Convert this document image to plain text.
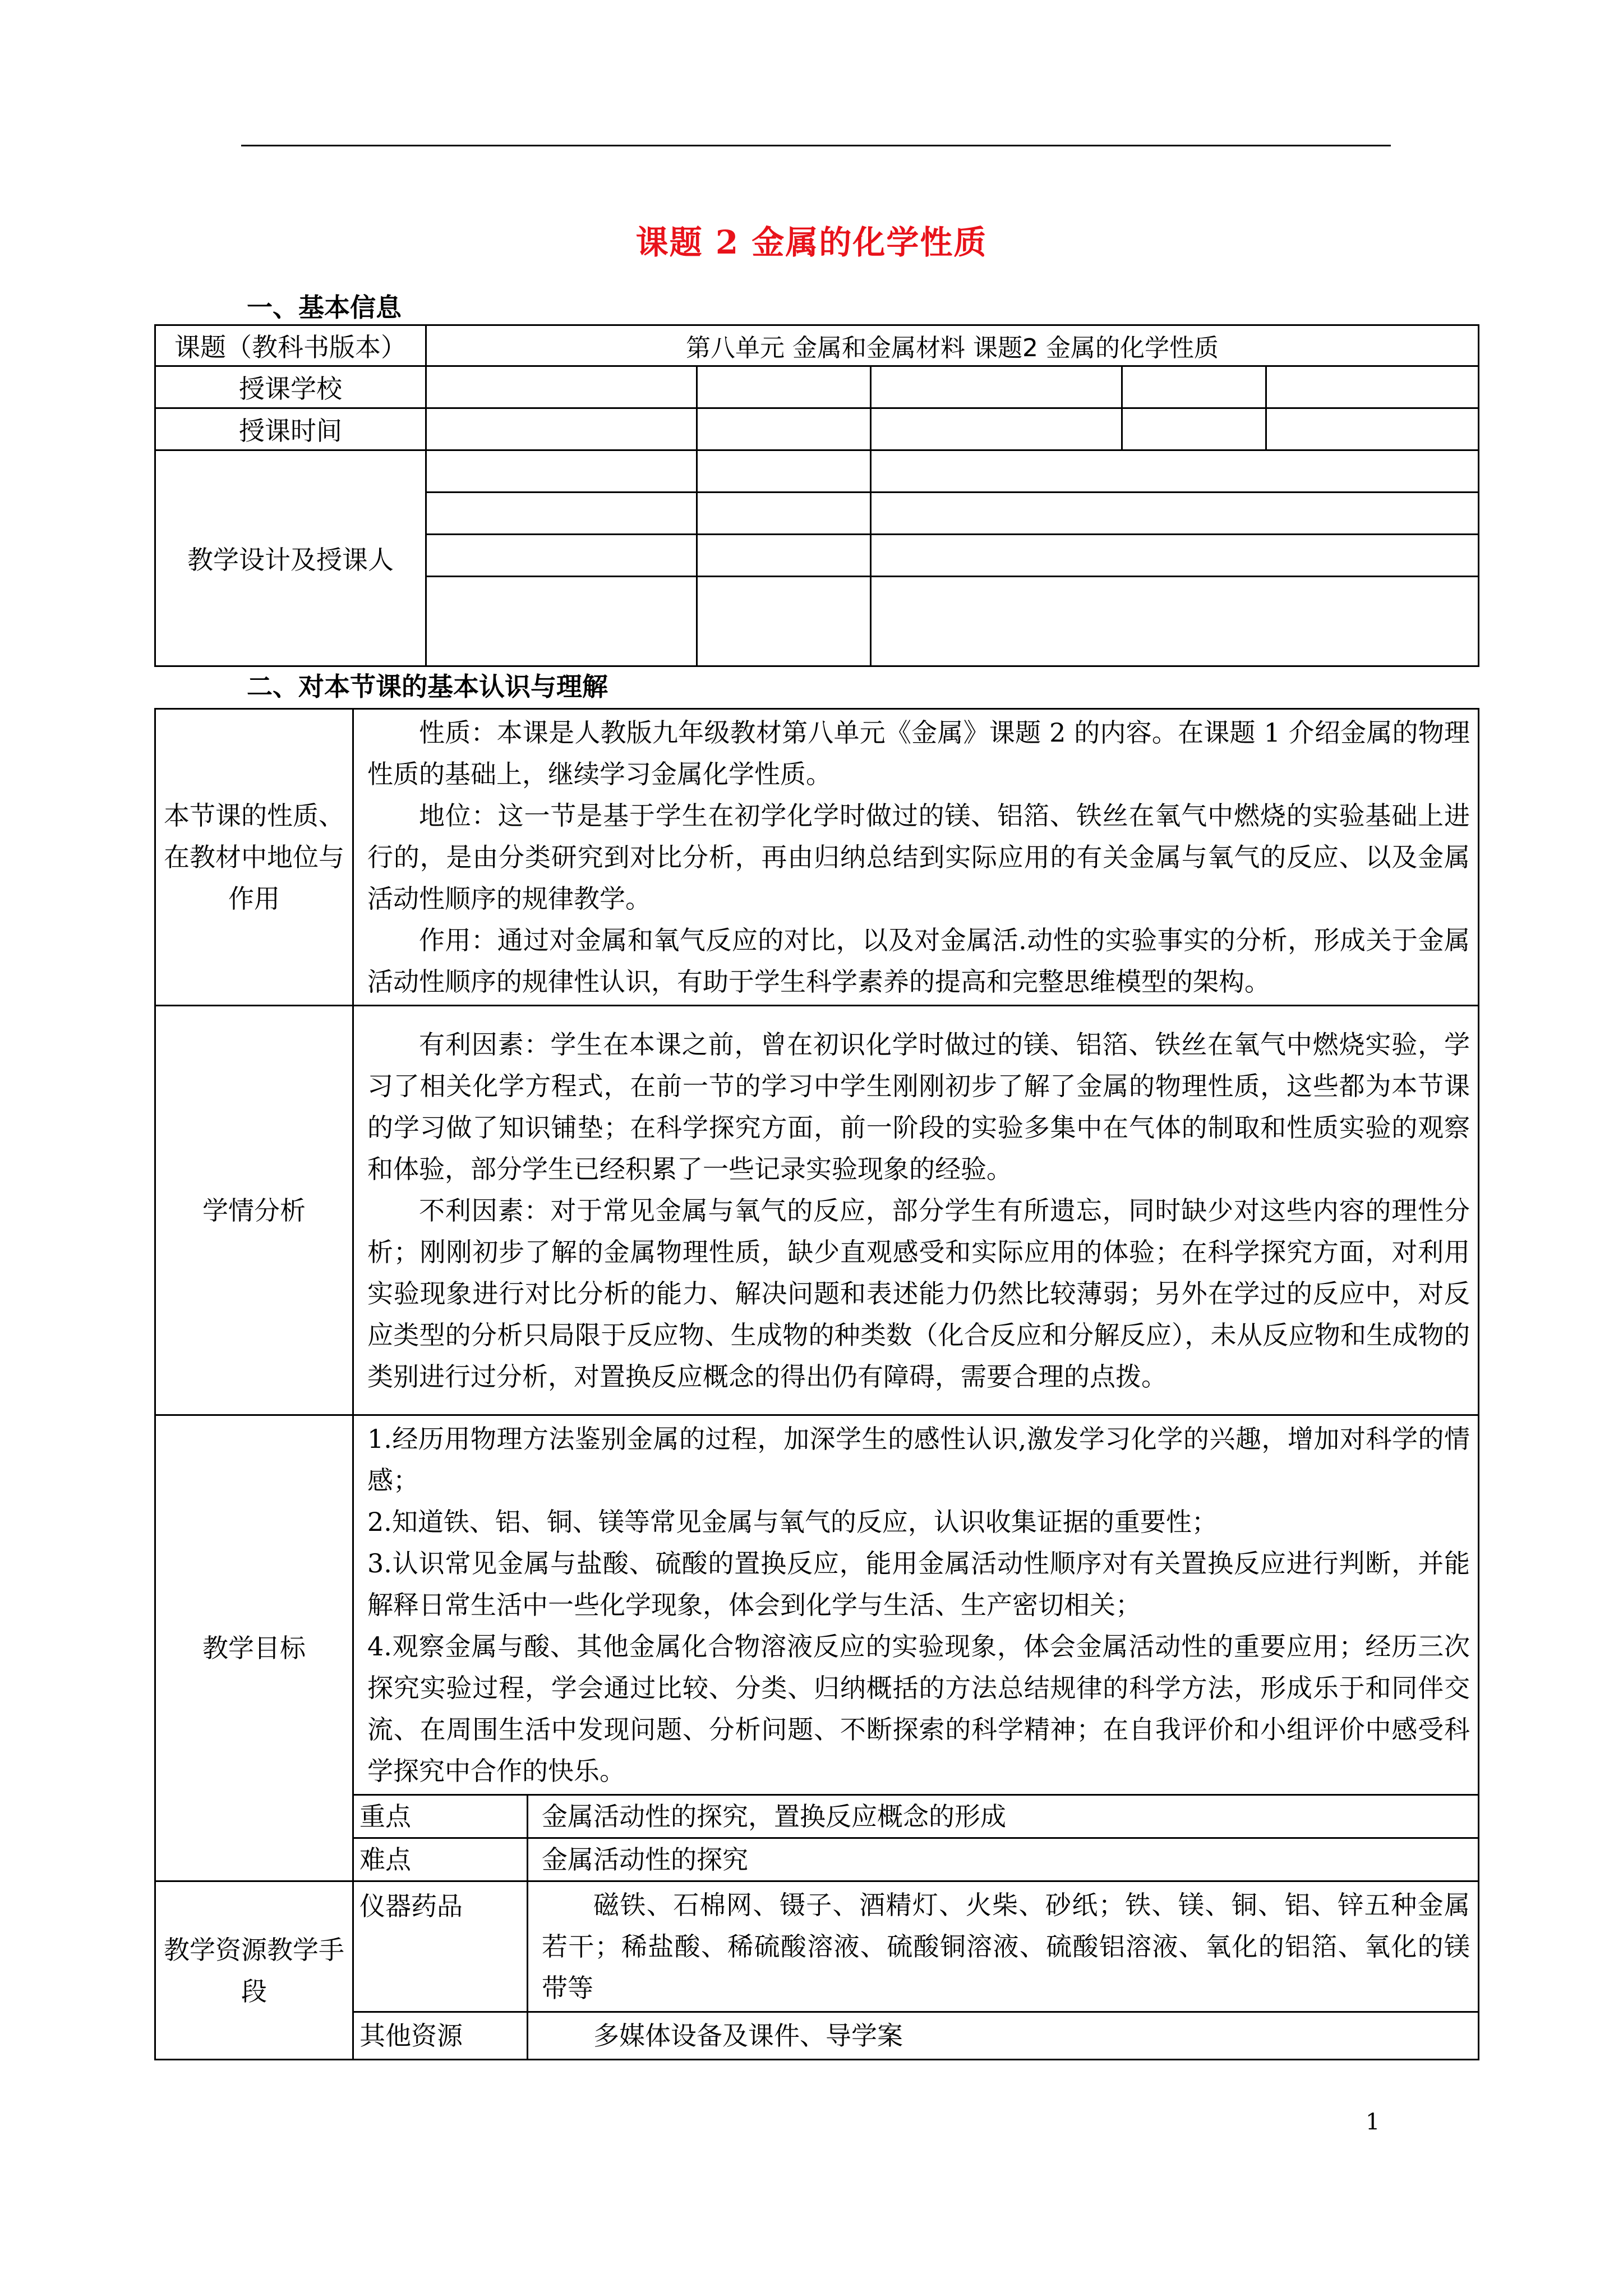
课题 2 金属的化学性质
一、基本信息
课题（教科书版本）	第八单元 金属和金属材料 课题2 金属的化学性质				
授课学校					
授课时间					
教学设计及授课人					

二、对本节课的基本认识与理解
本节课的性质、在教材中地位与作用	性质：本课是人教版九年级教材第八单元《金属》课题 2 的内容。在课题 1 介绍金属的物理性质的基础上，继续学习金属化学性质。

地位：这一节是基于学生在初学化学时做过的镁、铝箔、铁丝在氧气中燃烧的实验基础上进行的，是由分类研究到对比分析，再由归纳总结到实际应用的有关金属与氧气的反应、以及金属活动性顺序的规律教学。

作用：通过对金属和氧气反应的对比，以及对金属活.动性的实验事实的分析，形成关于金属活动性顺序的规律性认识，有助于学生科学素养的提高和完整思维模型的架构。	

学情分析	有利因素：学生在本课之前，曾在初识化学时做过的镁、铝箔、铁丝在氧气中燃烧实验，学习了相关化学方程式，在前一节的学习中学生刚刚初步了解了金属的物理性质，这些都为本节课的学习做了知识铺垫；在科学探究方面，前一阶段的实验多集中在气体的制取和性质实验的观察和体验，部分学生已经积累了一些记录实验现象的经验。

不利因素：对于常见金属与氧气的反应，部分学生有所遗忘，同时缺少对这些内容的理性分析；刚刚初步了解的金属物理性质，缺少直观感受和实际应用的体验；在科学探究方面，对利用实验现象进行对比分析的能力、解决问题和表述能力仍然比较薄弱；另外在学过的反应中，对反应类型的分析只局限于反应物、生成物的种类数（化合反应和分解反应），未从反应物和生成物的类别进行过分析，对置换反应概念的得出仍有障碍，需要合理的点拨。	

教学目标	1.经历用物理方法鉴别金属的过程，加深学生的感性认识,激发学习化学的兴趣，增加对科学的情感；

2.知道铁、铝、铜、镁等常见金属与氧气的反应，认识收集证据的重要性；

3.认识常见金属与盐酸、硫酸的置换反应，能用金属活动性顺序对有关置换反应进行判断，并能解释日常生活中一些化学现象，体会到化学与生活、生产密切相关；

4.观察金属与酸、其他金属化合物溶液反应的实验现象，体会金属活动性的重要应用；经历三次探究实验过程，学会通过比较、分类、归纳概括的方法总结规律的科学方法，形成乐于和同伴交流、在周围生活中发现问题、分析问题、不断探索的科学精神；在自我评价和小组评价中感受科学探究中合作的快乐。	

	重点	金属活动性的探究，置换反应概念的形成
	难点	金属活动性的探究
教学资源教学手段	仪器药品	磁铁、石棉网、镊子、酒精灯、火柴、砂纸；铁、镁、铜、铝、锌五种金属若干；稀盐酸、稀硫酸溶液、硫酸铜溶液、硫酸铝溶液、氧化的铝箔、氧化的镁带等

	其他资源	多媒体设备及课件、导学案

1
